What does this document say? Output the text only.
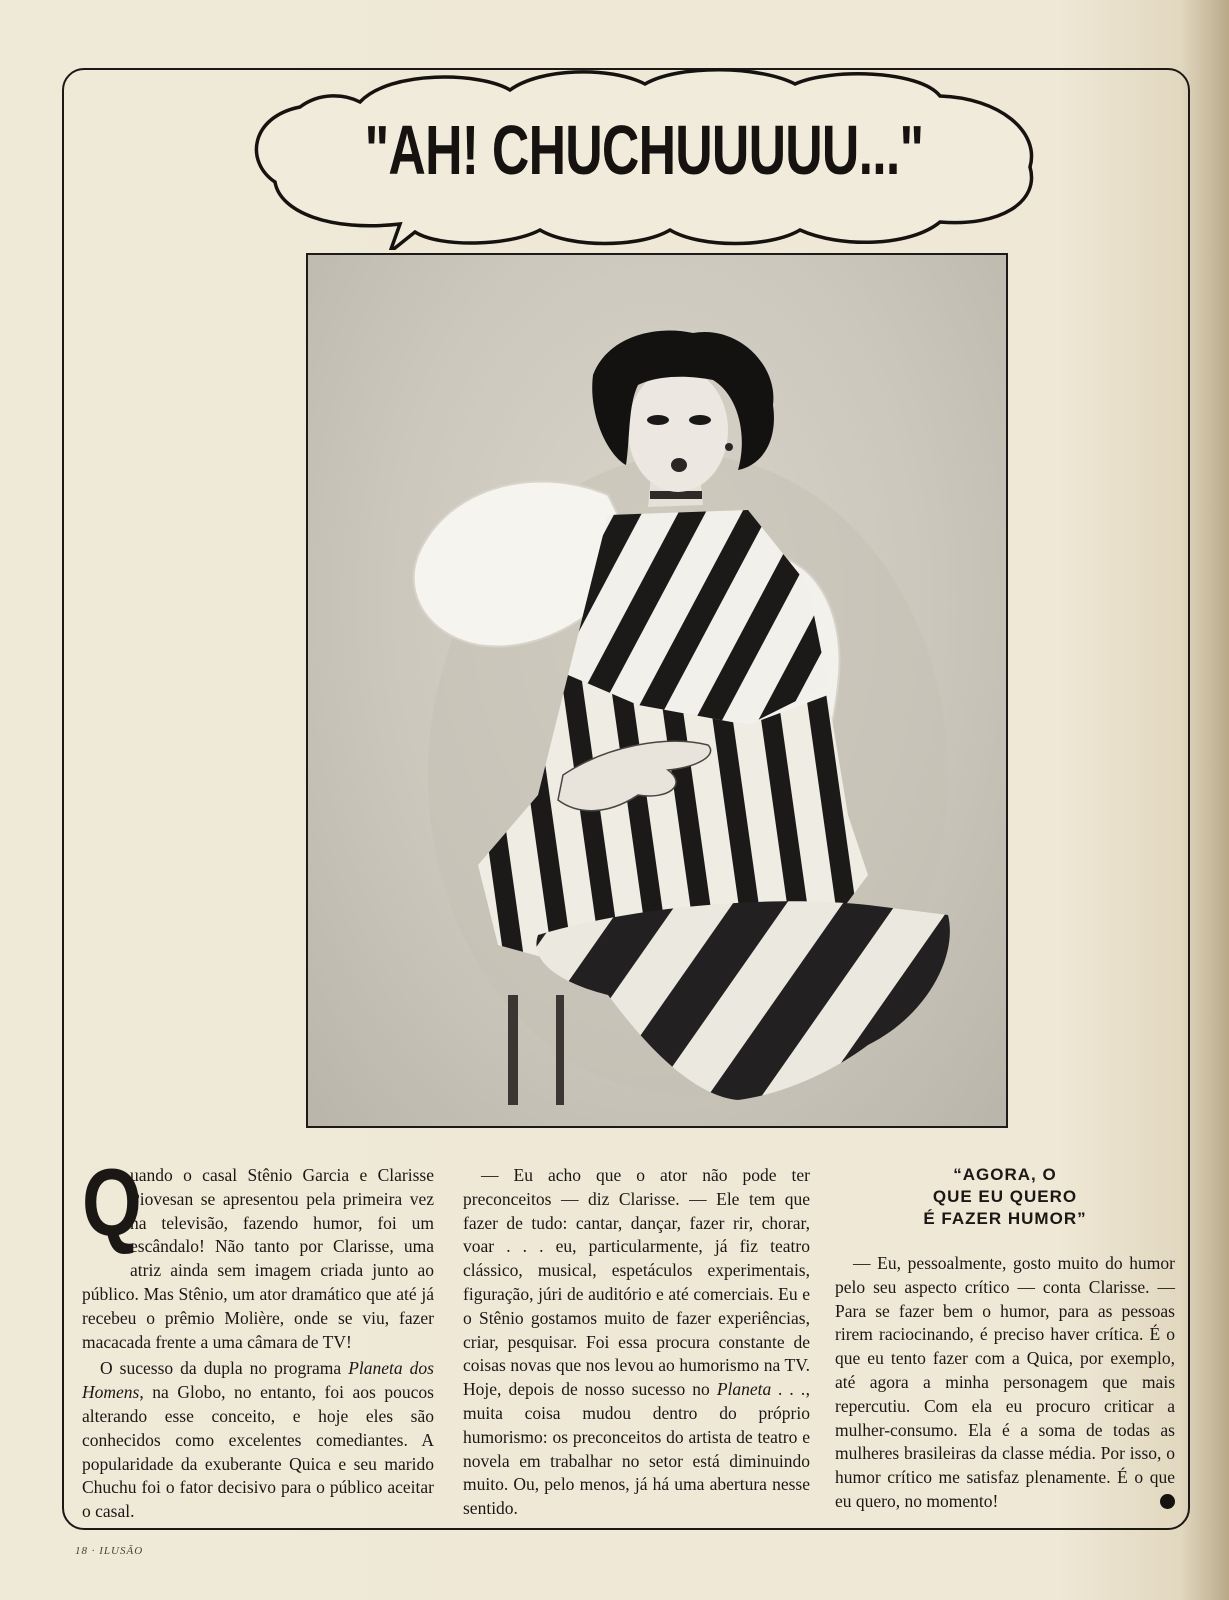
"AH! CHUCHUUUUU..."
Q

uando o casal Stênio Garcia e Clarisse Piovesan se apresentou pela primeira vez na televisão, fazendo humor, foi um escândalo! Não tanto por Clarisse, uma atriz ainda sem imagem criada junto ao público. Mas Stênio, um ator dramático que até já recebeu o prêmio Molière, onde se viu, fazer macacada frente a uma câmara de TV!

O sucesso da dupla no programa Planeta dos Homens, na Globo, no entanto, foi aos poucos alterando esse conceito, e hoje eles são conhecidos como excelentes comediantes. A popularidade da exuberante Quica e seu marido Chuchu foi o fator decisivo para o público aceitar o casal.

— Eu acho que o ator não pode ter preconceitos — diz Clarisse. — Ele tem que fazer de tudo: cantar, dançar, fazer rir, chorar, voar . . . eu, particularmente, já fiz teatro clássico, musical, espetáculos experimentais, figuração, júri de auditório e até comerciais. Eu e o Stênio gostamos muito de fazer experiências, criar, pesquisar. Foi essa procura constante de coisas novas que nos levou ao humorismo na TV. Hoje, depois de nosso sucesso no Planeta . . ., muita coisa mudou dentro do próprio humorismo: os preconceitos do artista de teatro e novela em trabalhar no setor está diminuindo muito. Ou, pelo menos, já há uma abertura nesse sentido.

“AGORA, O
QUE EU QUERO
É FAZER HUMOR”

— Eu, pessoalmente, gosto muito do humor pelo seu aspecto crítico — conta Clarisse. — Para se fazer bem o humor, para as pessoas rirem raciocinando, é preciso haver crítica. É o que eu tento fazer com a Quica, por exemplo, até agora a minha personagem que mais repercutiu. Com ela eu procuro criticar a mulher-consumo. Ela é a soma de todas as mulheres brasileiras da classe média. Por isso, o humor crítico me satisfaz plenamente. É o que eu quero, no momento!

18 · ILUSÃO
